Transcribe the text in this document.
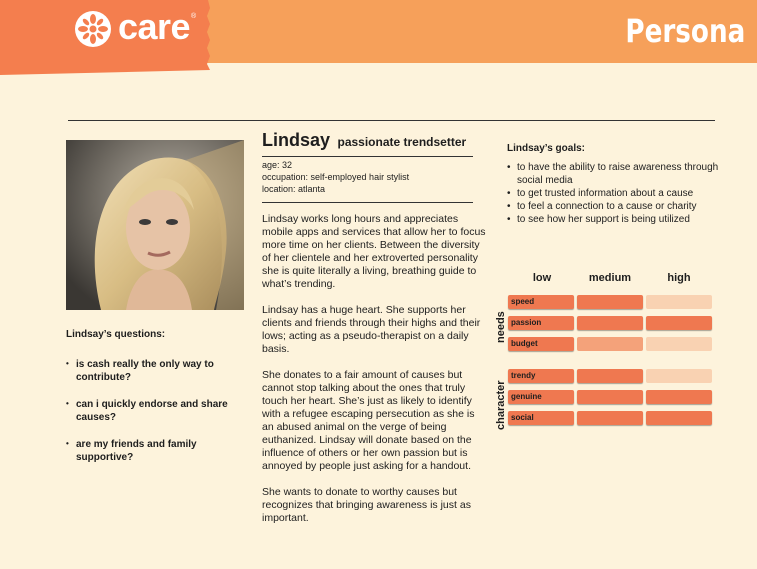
care ®	Persona
Lindsay’s questions:
• is cash really the only way to contribute?
• can i quickly endorse and share causes?
• are my friends and family supportive?
Lindsay passionate trendsetter
age: 32
occupation: self-employed hair stylist
location: atlanta

Lindsay works long hours and appreciates mobile apps and services that allow her to focus more time on her clients. Between the diversity of her clientele and her extroverted personality she is quite literally a living, breathing guide to what’s trending.

Lindsay has a huge heart. She supports her clients and friends through their highs and their lows; acting as a pseudo-therapist on a daily basis.

She donates to a fair amount of causes but cannot stop talking about the ones that truly touch her heart. She’s just as likely to identify with a refugee escaping persecution as she is an abused animal on the verge of being euthanized. Lindsay will donate based on the influence of others or her own passion but is annoyed by people just asking for a handout.

She wants to donate to worthy causes but recognizes that bringing awareness is just as important.

Lindsay’s goals:
• to have the ability to raise awareness through social media
• to get trusted information about a cause
• to feel a connection to a cause or charity
• to see how her support is being utilized
low	medium	high
needs
speed
passion
budget
character
trendy
genuine
social
